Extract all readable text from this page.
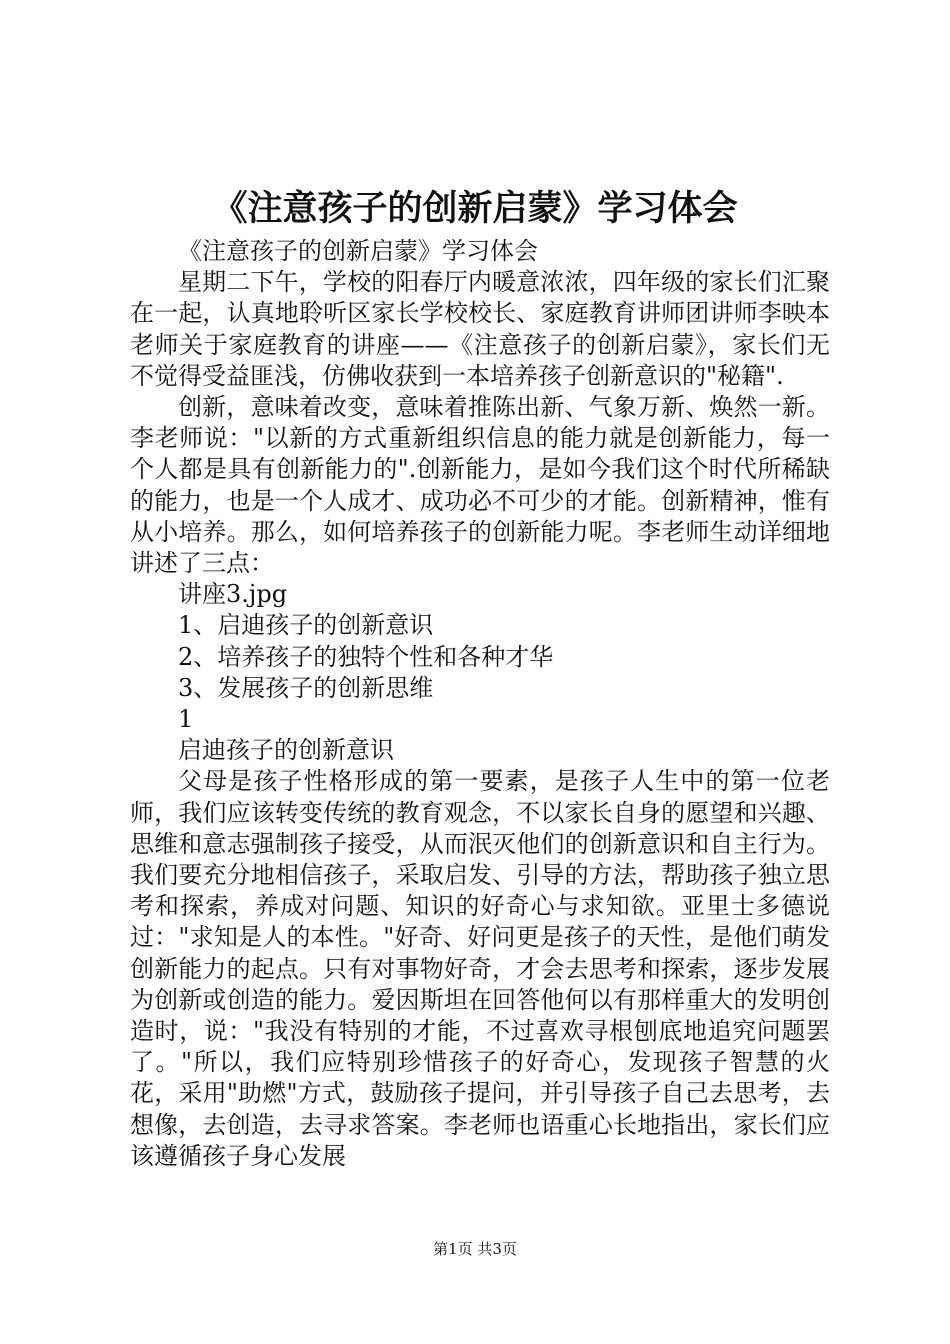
《注意孩子的创新启蒙》学习体会

《注意孩子的创新启蒙》学习体会

星期二下午，学校的阳春厅内暖意浓浓，四年级的家长们汇聚在一起，认真地聆听区家长学校校长、家庭教育讲师团讲师李映本老师关于家庭教育的讲座——《注意孩子的创新启蒙》，家长们无不觉得受益匪浅，仿佛收获到一本培养孩子创新意识的"秘籍".

创新，意味着改变，意味着推陈出新、气象万新、焕然一新。李老师说："以新的方式重新组织信息的能力就是创新能力，每一个人都是具有创新能力的".创新能力，是如今我们这个时代所稀缺的能力，也是一个人成才、成功必不可少的才能。创新精神，惟有从小培养。那么，如何培养孩子的创新能力呢。李老师生动详细地讲述了三点：

讲座3.jpg

1、启迪孩子的创新意识

2、培养孩子的独特个性和各种才华

3、发展孩子的创新思维

1

启迪孩子的创新意识

父母是孩子性格形成的第一要素，是孩子人生中的第一位老师，我们应该转变传统的教育观念，不以家长自身的愿望和兴趣、思维和意志强制孩子接受，从而泯灭他们的创新意识和自主行为。我们要充分地相信孩子，采取启发、引导的方法，帮助孩子独立思考和探索，养成对问题、知识的好奇心与求知欲。亚里士多德说过："求知是人的本性。"好奇、好问更是孩子的天性，是他们萌发创新能力的起点。只有对事物好奇，才会去思考和探索，逐步发展为创新或创造的能力。爱因斯坦在回答他何以有那样重大的发明创造时，说："我没有特别的才能，不过喜欢寻根刨底地追究问题罢了。"所以，我们应特别珍惜孩子的好奇心，发现孩子智慧的火花，采用"助燃"方式，鼓励孩子提问，并引导孩子自己去思考，去想像，去创造，去寻求答案。李老师也语重心长地指出，家长们应该遵循孩子身心发展

第1页 共3页
